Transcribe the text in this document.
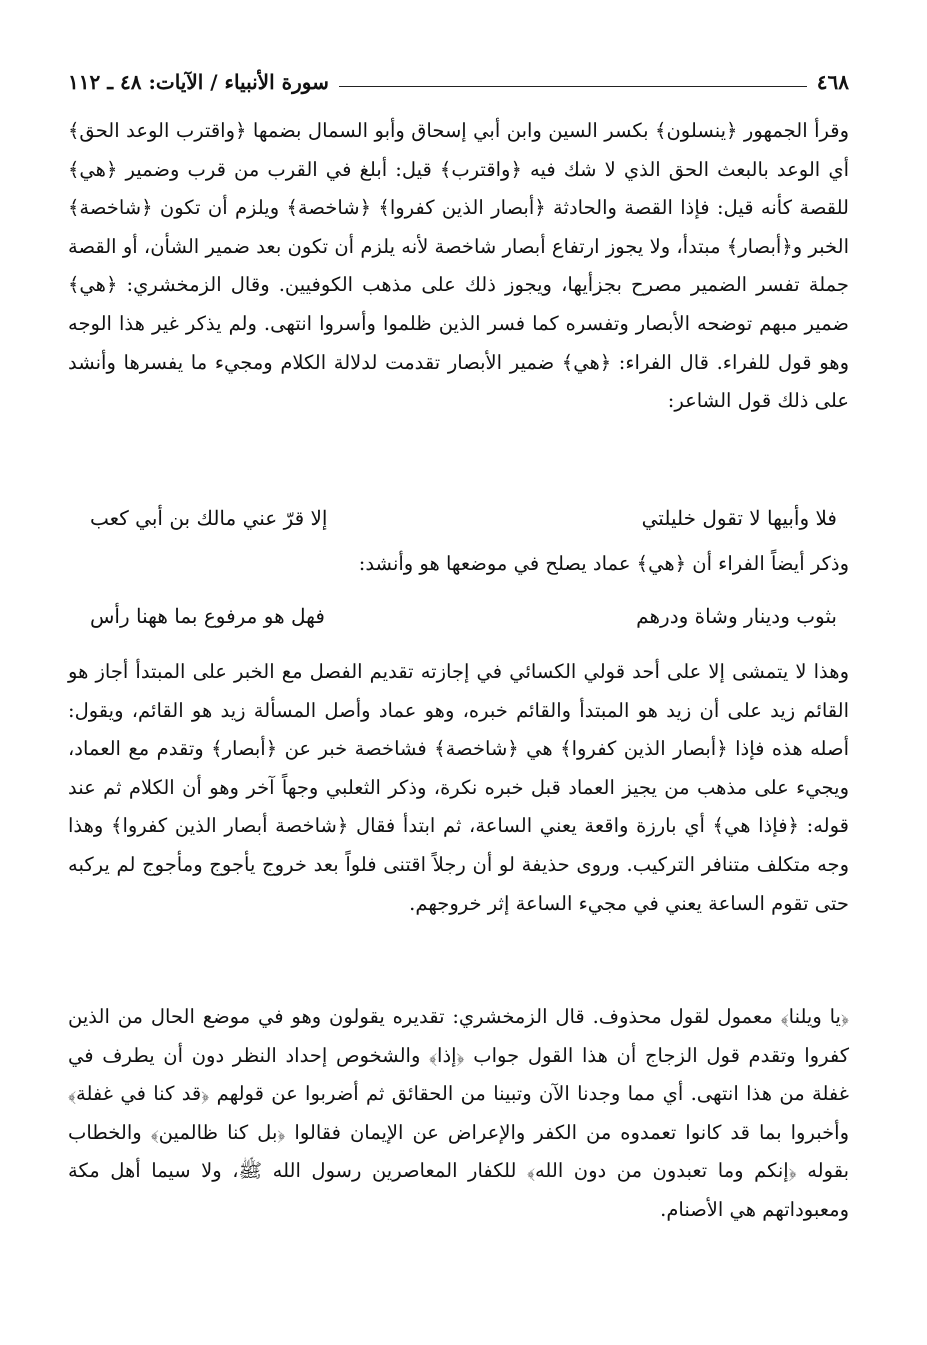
٤٦٨
سورة الأنبياء / الآيات: ٤٨ ـ ١١٢

وقرأ الجمهور ﴿ينسلون﴾ بكسر السين وابن أبي إسحاق وأبو السمال بضمها ﴿واقترب الوعد الحق﴾ أي الوعد بالبعث الحق الذي لا شك فيه ﴿واقترب﴾ قيل: أبلغ في القرب من قرب وضمير ﴿هي﴾ للقصة كأنه قيل: فإذا القصة والحادثة ﴿أبصار الذين كفروا﴾ ﴿شاخصة﴾ ويلزم أن تكون ﴿شاخصة﴾ الخبر و﴿أبصار﴾ مبتدأ، ولا يجوز ارتفاع أبصار شاخصة لأنه يلزم أن تكون بعد ضمير الشأن، أو القصة جملة تفسر الضمير مصرح بجزأيها، ويجوز ذلك على مذهب الكوفيين. وقال الزمخشري: ﴿هي﴾ ضمير مبهم توضحه الأبصار وتفسره كما فسر الذين ظلموا وأسروا انتهى. ولم يذكر غير هذا الوجه وهو قول للفراء. قال الفراء: ﴿هي﴾ ضمير الأبصار تقدمت لدلالة الكلام ومجيء ما يفسرها وأنشد على ذلك قول الشاعر:

فلا وأبيها لا تقول خليلتي
إلا قرّ عني مالك بن أبي كعب
وذكر أيضاً الفراء أن ﴿هي﴾ عماد يصلح في موضعها هو وأنشد:
بثوب ودينار وشاة ودرهم
فهل هو مرفوع بما ههنا رأس

وهذا لا يتمشى إلا على أحد قولي الكسائي في إجازته تقديم الفصل مع الخبر على المبتدأ أجاز هو القائم زيد على أن زيد هو المبتدأ والقائم خبره، وهو عماد وأصل المسألة زيد هو القائم، ويقول: أصله هذه فإذا ﴿أبصار الذين كفروا﴾ هي ﴿شاخصة﴾ فشاخصة خبر عن ﴿أبصار﴾ وتقدم مع العماد، ويجيء على مذهب من يجيز العماد قبل خبره نكرة، وذكر الثعلبي وجهاً آخر وهو أن الكلام ثم عند قوله: ﴿فإذا هي﴾ أي بارزة واقعة يعني الساعة، ثم ابتدأ فقال ﴿شاخصة أبصار الذين كفروا﴾ وهذا وجه متكلف متنافر التركيب. وروى حذيفة لو أن رجلاً اقتنى فلواً بعد خروج يأجوج ومأجوج لم يركبه حتى تقوم الساعة يعني في مجيء الساعة إثر خروجهم.

﴿يا ويلنا﴾ معمول لقول محذوف. قال الزمخشري: تقديره يقولون وهو في موضع الحال من الذين كفروا وتقدم قول الزجاج أن هذا القول جواب ﴿إذا﴾ والشخوص إحداد النظر دون أن يطرف في غفلة من هذا انتهى. أي مما وجدنا الآن وتبينا من الحقائق ثم أضربوا عن قولهم ﴿قد كنا في غفلة﴾ وأخبروا بما قد كانوا تعمدوه من الكفر والإعراض عن الإيمان فقالوا ﴿بل كنا ظالمين﴾ والخطاب بقوله ﴿إنكم وما تعبدون من دون الله﴾ للكفار المعاصرين رسول الله ﷺ، ولا سيما أهل مكة ومعبوداتهم هي الأصنام.
